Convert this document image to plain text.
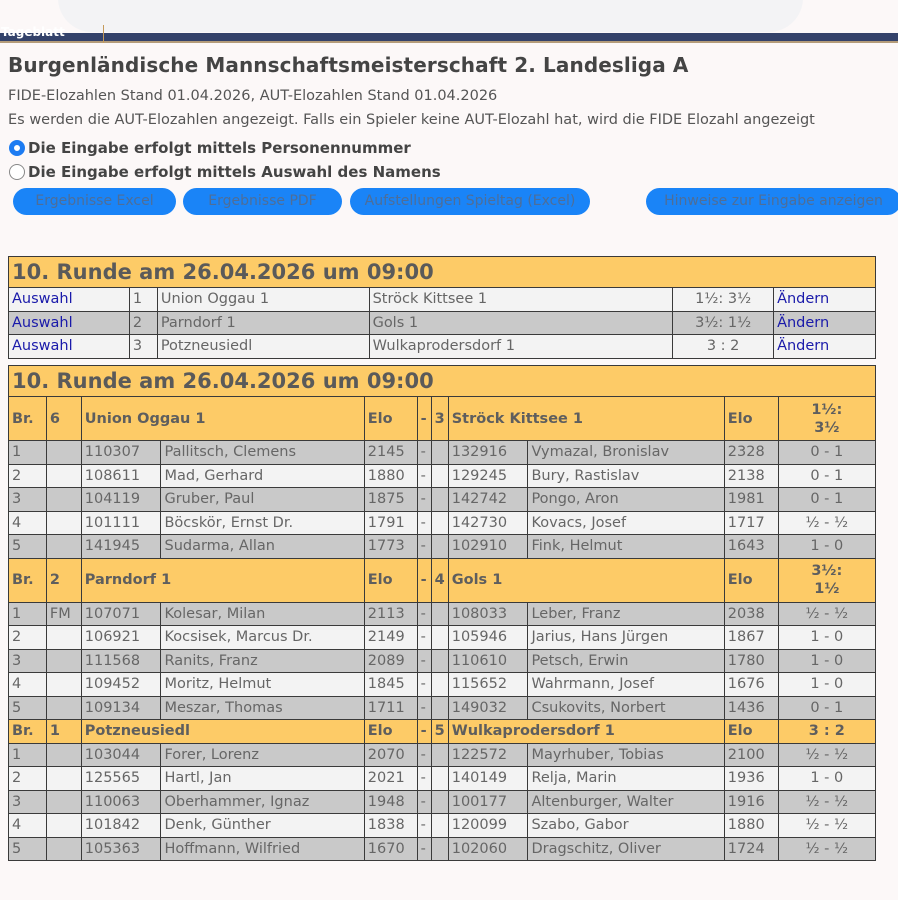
Tageblatt
Burgenländische Mannschaftsmeisterschaft 2. Landesliga A
FIDE-Elozahlen Stand 01.04.2026, AUT-Elozahlen Stand 01.04.2026
Es werden die AUT-Elozahlen angezeigt. Falls ein Spieler keine AUT-Elozahl hat, wird die FIDE Elozahl angezeigt
Die Eingabe erfolgt mittels Personennummer
Die Eingabe erfolgt mittels Auswahl des Namens
Ergebnisse Excel	Ergebnisse PDF	Aufstellungen Spieltag (Excel)	Hinweise zur Eingabe anzeigen
10. Runde am 26.04.2026 um 09:00					
Auswahl	1	Union Oggau 1	Ströck Kittsee 1	1½: 3½	Ändern
Auswahl	2	Parndorf 1	Gols 1	3½: 1½	Ändern
Auswahl	3	Potzneusiedl	Wulkaprodersdorf 1	3 : 2	Ändern
10. Runde am 26.04.2026 um 09:00										
Br.	6	Union Oggau 1		Elo	-	3	Ströck Kittsee 1		Elo	1½:
3½
1		110307	Pallitsch, Clemens	2145	-		132916	Vymazal, Bronislav	2328	0 - 1
2		108611	Mad, Gerhard	1880	-		129245	Bury, Rastislav	2138	0 - 1
3		104119	Gruber, Paul	1875	-		142742	Pongo, Aron	1981	0 - 1
4		101111	Böcskör, Ernst Dr.	1791	-		142730	Kovacs, Josef	1717	½ - ½
5		141945	Sudarma, Allan	1773	-		102910	Fink, Helmut	1643	1 - 0
Br.	2	Parndorf 1		Elo	-	4	Gols 1		Elo	3½:
1½
1	FM	107071	Kolesar, Milan	2113	-		108033	Leber, Franz	2038	½ - ½
2		106921	Kocsisek, Marcus Dr.	2149	-		105946	Jarius, Hans Jürgen	1867	1 - 0
3		111568	Ranits, Franz	2089	-		110610	Petsch, Erwin	1780	1 - 0
4		109452	Moritz, Helmut	1845	-		115652	Wahrmann, Josef	1676	1 - 0
5		109134	Meszar, Thomas	1711	-		149032	Csukovits, Norbert	1436	0 - 1
Br.	1	Potzneusiedl		Elo	-	5	Wulkaprodersdorf 1		Elo	3 : 2
1		103044	Forer, Lorenz	2070	-		122572	Mayrhuber, Tobias	2100	½ - ½
2		125565	Hartl, Jan	2021	-		140149	Relja, Marin	1936	1 - 0
3		110063	Oberhammer, Ignaz	1948	-		100177	Altenburger, Walter	1916	½ - ½
4		101842	Denk, Günther	1838	-		120099	Szabo, Gabor	1880	½ - ½
5		105363	Hoffmann, Wilfried	1670	-		102060	Dragschitz, Oliver	1724	½ - ½
